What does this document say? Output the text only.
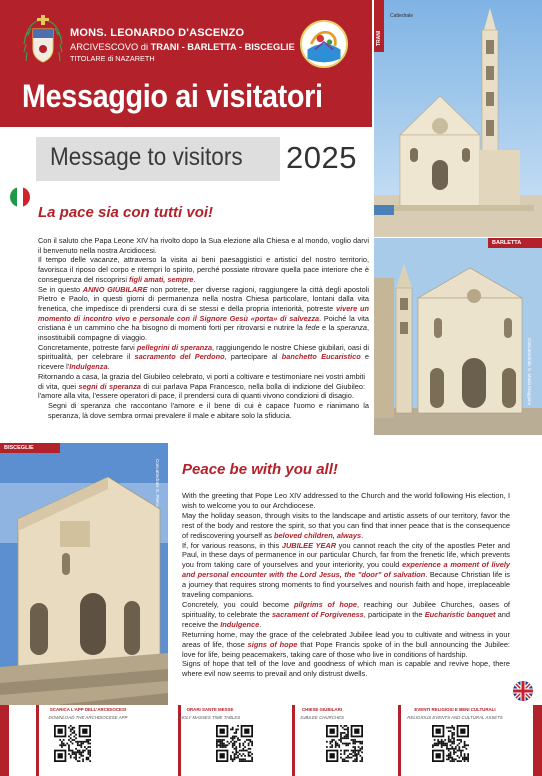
MONS. LEONARDO D'ASCENZO
ARCIVESCOVO di TRANI - BARLETTA - BISCEGLIE
TITOLARE di NAZARETH
Messaggio ai visitatori
Message to visitors 2025
TRANI
Cattedrale
BARLETTA
Concattedrale S. Maria Maggiore
BISCEGLIE
Concattedrale S. Pietro
La pace sia con tutti voi!

Con il saluto che Papa Leone XIV ha rivolto dopo la Sua elezione alla Chiesa e al mondo, voglio darvi il benvenuto nella nostra Arcidiocesi.

Il tempo delle vacanze, attraverso la visita ai beni paesaggistici e artistici del nostro territorio, favorisca il riposo del corpo e ritempri lo spirito, perché possiate ritrovare quella pace interiore che è conseguenza del riscoprirsi figli amati, sempre.

Se in questo ANNO GIUBILARE non potrete, per diverse ragioni, raggiungere la città degli apostoli Pietro e Paolo, in questi giorni di permanenza nella nostra Chiesa particolare, lontani dalla vita frenetica, che impedisce di prendersi cura di se stessi e della propria interiorità, potreste vivere un momento di incontro vivo e personale con il Signore Gesù «porta» di salvezza. Poiché la vita cristiana è un cammino che ha bisogno di momenti forti per ritrovarsi e nutrire la fede e la speranza, insostituibili compagne di viaggio.

Concretamente, potreste farvi pellegrini di speranza, raggiungendo le nostre Chiese giubilari, oasi di spiritualità, per celebrare il sacramento del Perdono, partecipare al banchetto Eucaristico e ricevere l'Indulgenza.

Ritornando a casa, la grazia del Giubileo celebrato, vi porti a coltivare e testimoniare nei vostri ambiti di vita, quei segni di speranza di cui parlava Papa Francesco, nella bolla di indizione del Giubileo: l'amore alla vita, l'essere operatori di pace, il prendersi cura di quanti vivono condizioni di disagio.

Segni di speranza che raccontano l'amore e il bene di cui è capace l'uomo e rianimano la speranza, là dove sembra ormai prevalere il male e abitare solo la sfiducia.

Peace be with you all!

With the greeting that Pope Leo XIV addressed to the Church and the world following His election, I wish to welcome you to our Archdiocese.

May the holiday season, through visits to the landscape and artistic assets of our territory, favor the rest of the body and restore the spirit, so that you can find that inner peace that is the consequence of rediscovering yourself as beloved children, always.

If, for various reasons, in this JUBILEE YEAR you cannot reach the city of the apostles Peter and Paul, in these days of permanence in our particular Church, far from the frenetic life, which prevents you from taking care of yourselves and your interiority, you could experience a moment of lively and personal encounter with the Lord Jesus, the "door" of salvation. Because Christian life is a journey that requires strong moments to find yourselves and nourish faith and hope, irreplaceable traveling companions.

Concretely, you could become pilgrims of hope, reaching our Jubilee Churches, oases of spirituality, to celebrate the sacrament of Forgiveness, participate in the Eucharistic banquet and receive the Indulgence.

Returning home, may the grace of the celebrated Jubilee lead you to cultivate and witness in your areas of life, those signs of hope that Pope Francis spoke of in the bull announcing the Jubilee: love for life, being peacemakers, taking care of those who live in conditions of hardship.

Signs of hope that tell of the love and goodness of which man is capable and revive hope, there where evil now seems to prevail and only distrust dwells.

SCARICA L'APP DELL'ARCIDIOCESI
DOWNLOAD THE ARCHDIOCESE APP
ORARI SANTE MESSE
HOLY MASSES TIME TABLES
CHIESE GIUBILARI
JUBILEE CHURCHES
EVENTI RELIGIOSI E BENI CULTURALI
RELIGIOUS EVENTS AND CULTURAL ASSETS
